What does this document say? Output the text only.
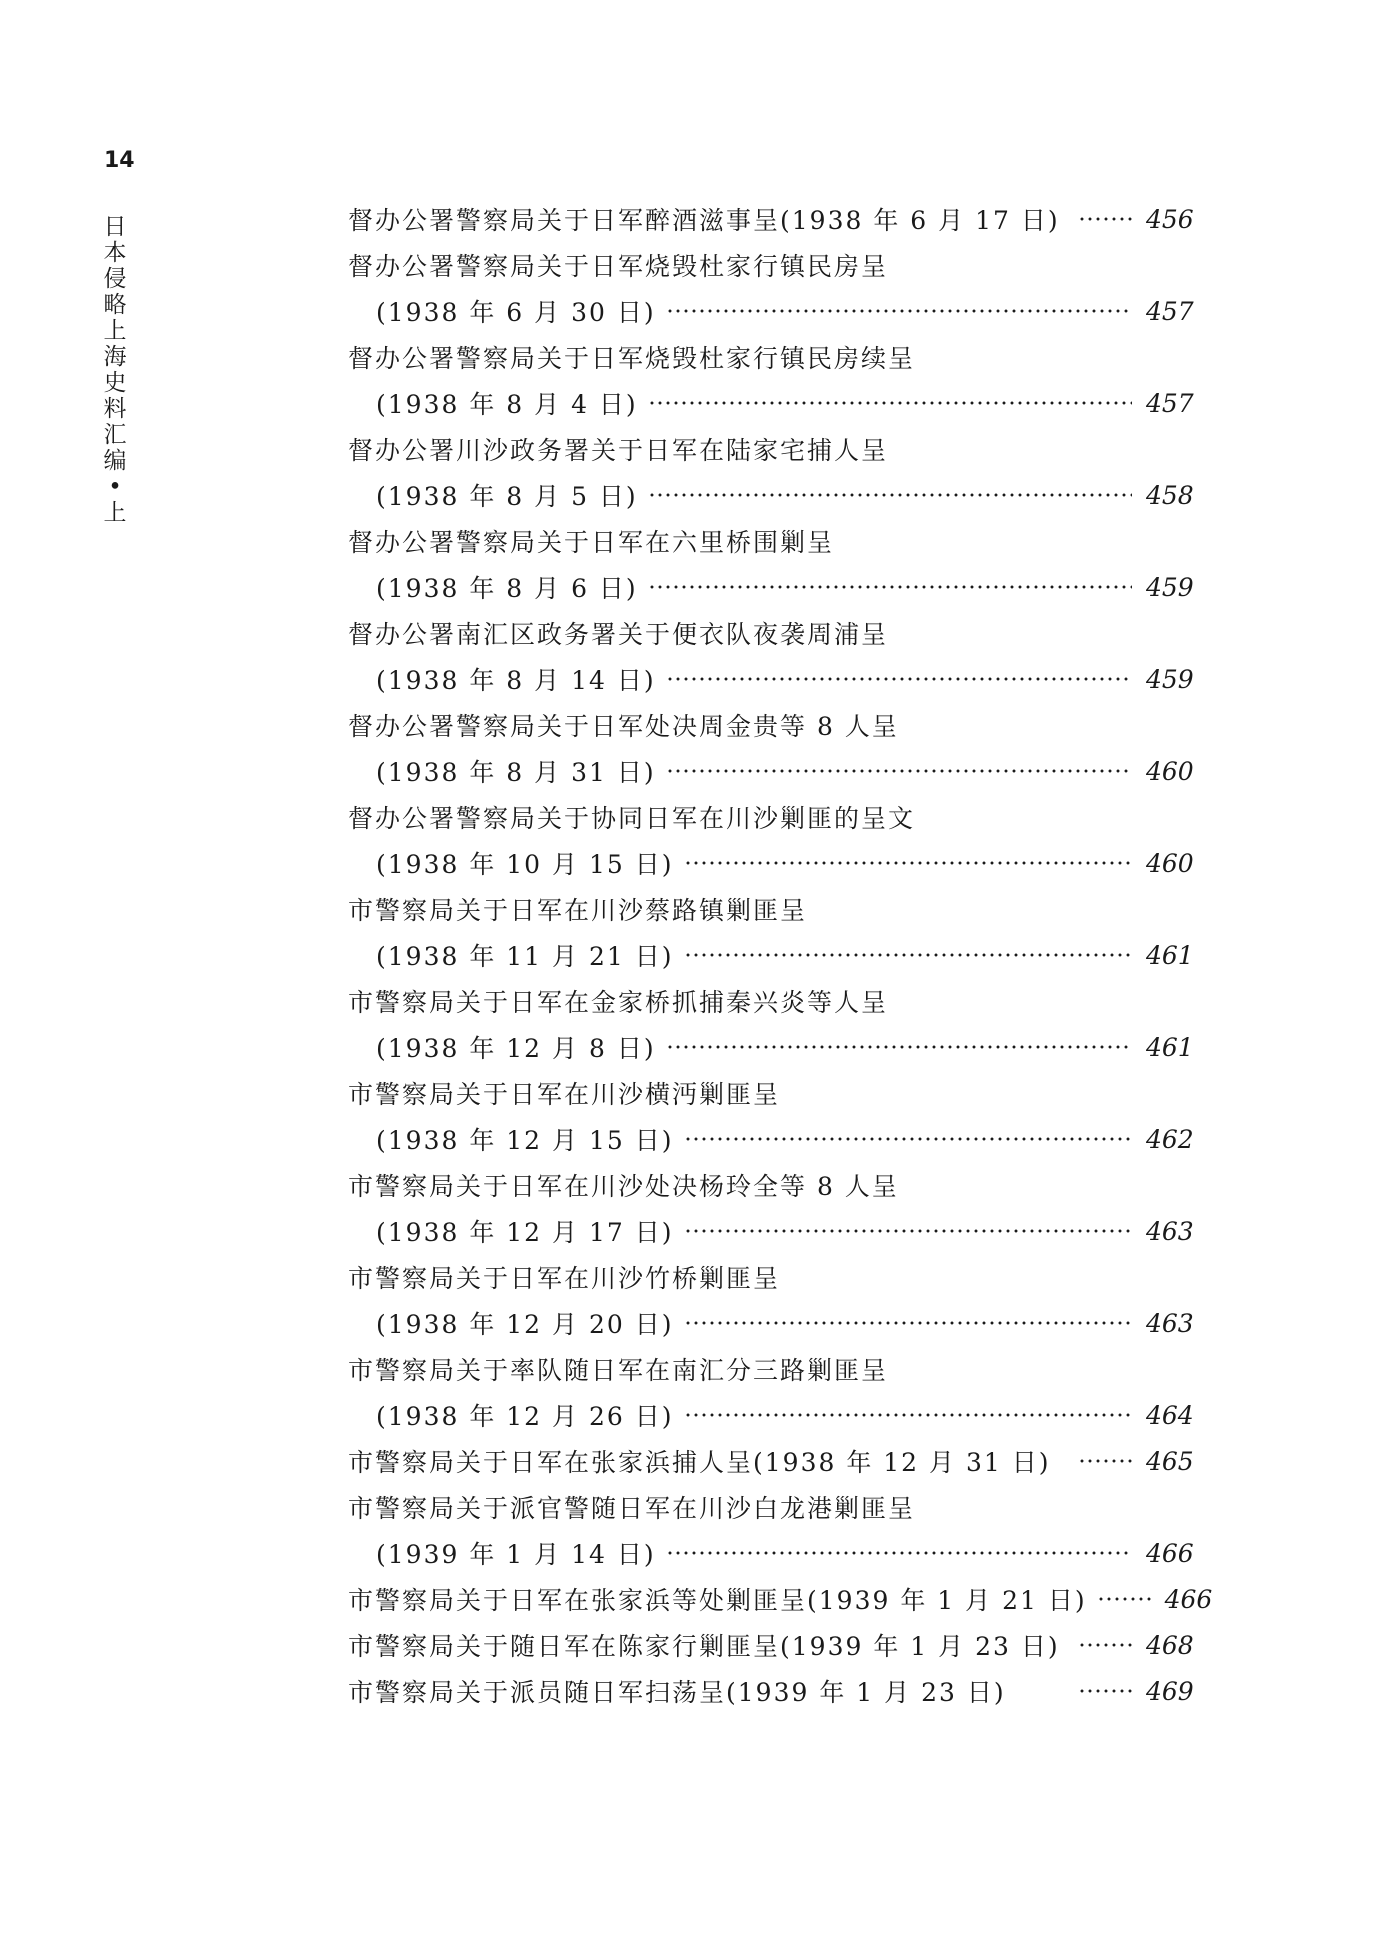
14
日
本
侵
略
上
海
史
料
汇
编
•
上
督办公署警察局关于日军醉酒滋事呈(1938 年 6 月 17 日)	456
督办公署警察局关于日军烧毁杜家行镇民房呈
(1938 年 6 月 30 日)	457
督办公署警察局关于日军烧毁杜家行镇民房续呈
(1938 年 8 月 4 日)	457
督办公署川沙政务署关于日军在陆家宅捕人呈
(1938 年 8 月 5 日)	458
督办公署警察局关于日军在六里桥围剿呈
(1938 年 8 月 6 日)	459
督办公署南汇区政务署关于便衣队夜袭周浦呈
(1938 年 8 月 14 日)	459
督办公署警察局关于日军处决周金贵等 8 人呈
(1938 年 8 月 31 日)	460
督办公署警察局关于协同日军在川沙剿匪的呈文
(1938 年 10 月 15 日)	460
市警察局关于日军在川沙蔡路镇剿匪呈
(1938 年 11 月 21 日)	461
市警察局关于日军在金家桥抓捕秦兴炎等人呈
(1938 年 12 月 8 日)	461
市警察局关于日军在川沙横沔剿匪呈
(1938 年 12 月 15 日)	462
市警察局关于日军在川沙处决杨玲全等 8 人呈
(1938 年 12 月 17 日)	463
市警察局关于日军在川沙竹桥剿匪呈
(1938 年 12 月 20 日)	463
市警察局关于率队随日军在南汇分三路剿匪呈
(1938 年 12 月 26 日)	464
市警察局关于日军在张家浜捕人呈(1938 年 12 月 31 日)	465
市警察局关于派官警随日军在川沙白龙港剿匪呈
(1939 年 1 月 14 日)	466
市警察局关于日军在张家浜等处剿匪呈(1939 年 1 月 21 日)	466
市警察局关于随日军在陈家行剿匪呈(1939 年 1 月 23 日)	468
市警察局关于派员随日军扫荡呈(1939 年 1 月 23 日)	469
